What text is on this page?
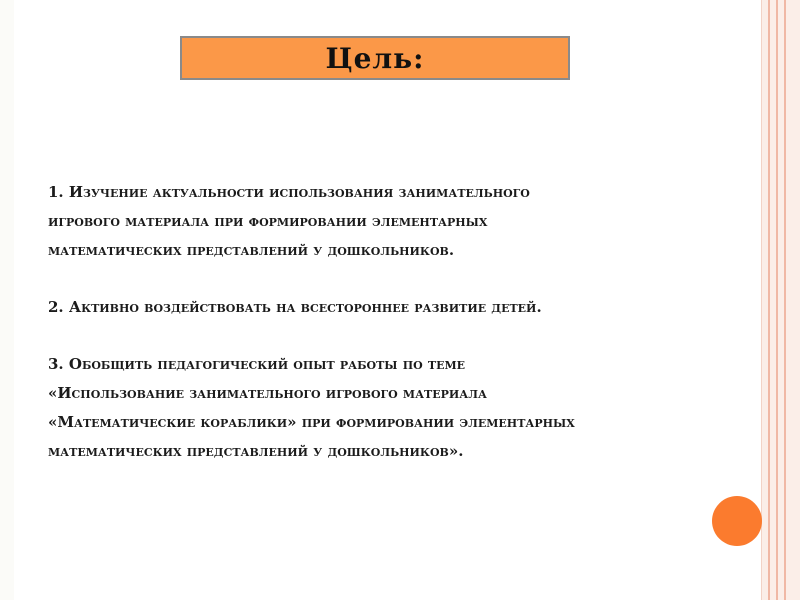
Цель:

1. Изучение актуальности использования занимательного
игрового материала при формировании элементарных
математических представлений у дошкольников.

2. Активно воздействовать на всестороннее развитие детей.

3. Обобщить педагогический опыт работы по теме
«Использование занимательного игрового материала
«Математические кораблики» при формировании элементарных
математических представлений у дошкольников».
